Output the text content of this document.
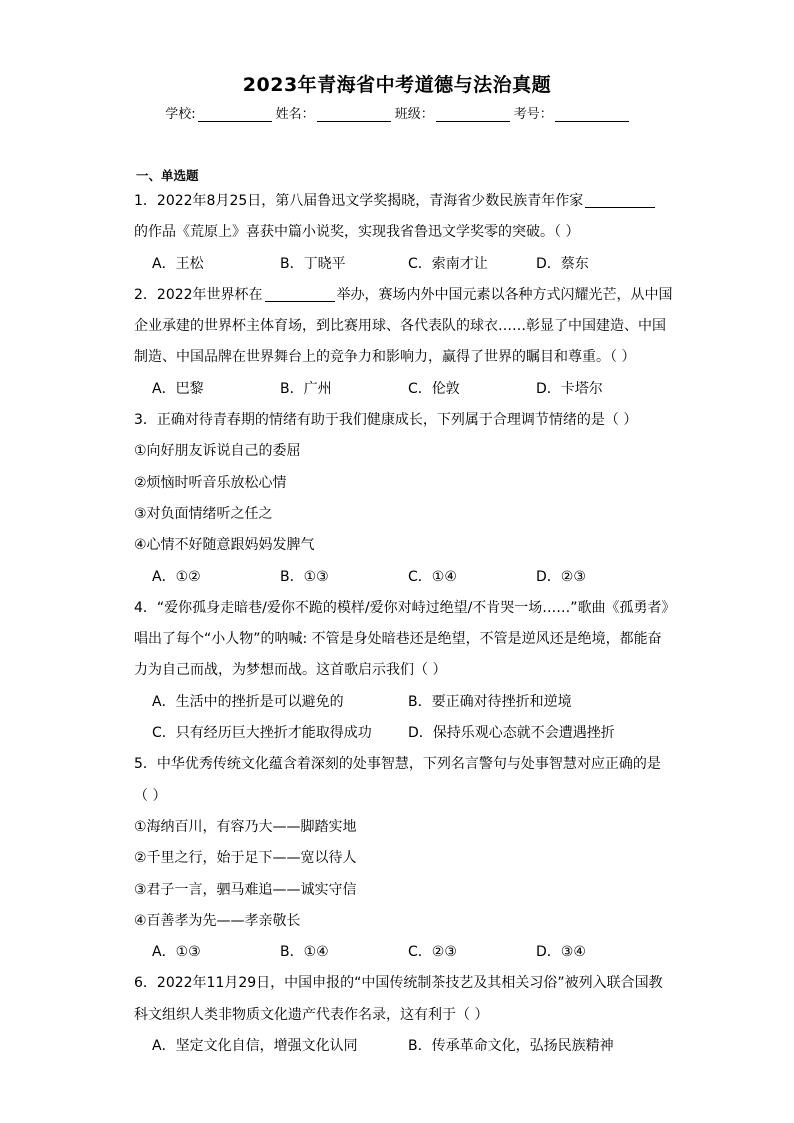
2023年青海省中考道德与法治真题
学校:	姓名：	班级：	考号：
一、单选题
1．2022年8月25日，第八届鲁迅文学奖揭晓，青海省少数民族青年作家
的作品《荒原上》喜获中篇小说奖，实现我省鲁迅文学奖零的突破。（ ）
A．王松	B．丁晓平	C．索南才让	D．蔡东
2．2022年世界杯在	举办，赛场内外中国元素以各种方式闪耀光芒，从中国
企业承建的世界杯主体育场，到比赛用球、各代表队的球衣……彰显了中国建造、中国
制造、中国品牌在世界舞台上的竞争力和影响力，赢得了世界的瞩目和尊重。（ ）
A．巴黎	B．广州	C．伦敦	D．卡塔尔
3．正确对待青春期的情绪有助于我们健康成长，下列属于合理调节情绪的是（ ）
①向好朋友诉说自己的委屈
②烦恼时听音乐放松心情
③对负面情绪听之任之
④心情不好随意跟妈妈发脾气
A．①②	B．①③	C．①④	D．②③
4．“爱你孤身走暗巷/爱你不跪的模样/爱你对峙过绝望/不肯哭一场……”歌曲《孤勇者》
唱出了每个“小人物”的呐喊: 不管是身处暗巷还是绝望，不管是逆风还是绝境，都能奋
力为自己而战，为梦想而战。这首歌启示我们（ ）
A．生活中的挫折是可以避免的	B．要正确对待挫折和逆境
C．只有经历巨大挫折才能取得成功	D．保持乐观心态就不会遭遇挫折
5．中华优秀传统文化蕴含着深刻的处事智慧，下列名言警句与处事智慧对应正确的是
（ ）
①海纳百川，有容乃大——脚踏实地
②千里之行，始于足下——宽以待人
③君子一言，驷马难追——诚实守信
④百善孝为先——孝亲敬长
A．①③	B．①④	C．②③	D．③④
6．2022年11月29日，中国申报的“中国传统制茶技艺及其相关习俗”被列入联合国教
科文组织人类非物质文化遗产代表作名录，这有利于（ ）
A．坚定文化自信，增强文化认同	B．传承革命文化，弘扬民族精神
